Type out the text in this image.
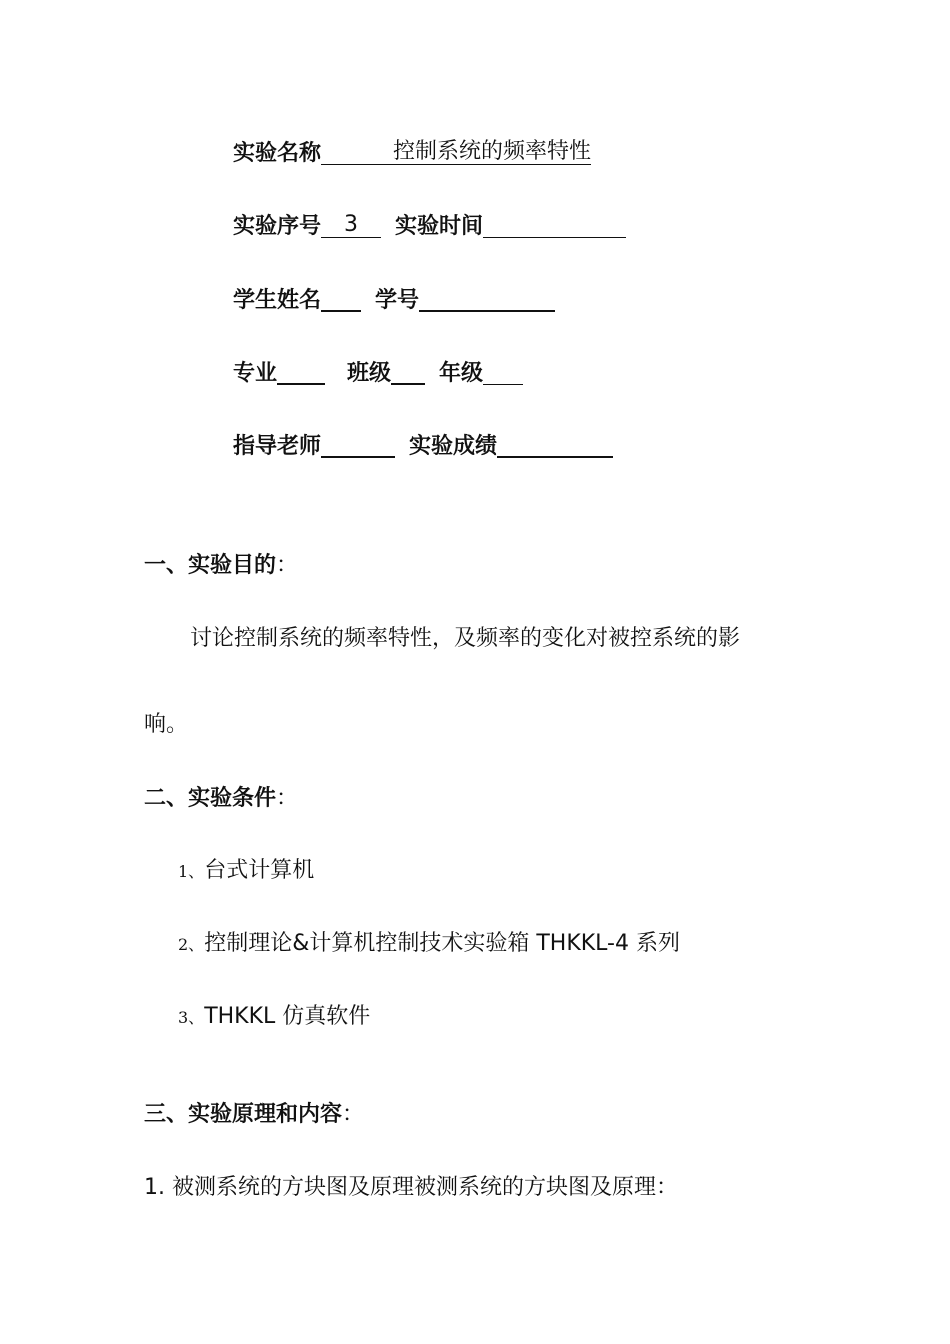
实验名称	控制系统的频率特性
实验序号 3 实验时间
学生姓名 学号
专业	班级 年级
指导老师	实验成绩
一、实验目的：
讨论控制系统的频率特性，及频率的变化对被控系统的影
响。
二、实验条件：
1、台式计算机
2、控制理论&计算机控制技术实验箱 THKKL-4 系列
3、THKKL 仿真软件
三、实验原理和内容：
1. 被测系统的方块图及原理被测系统的方块图及原理：
